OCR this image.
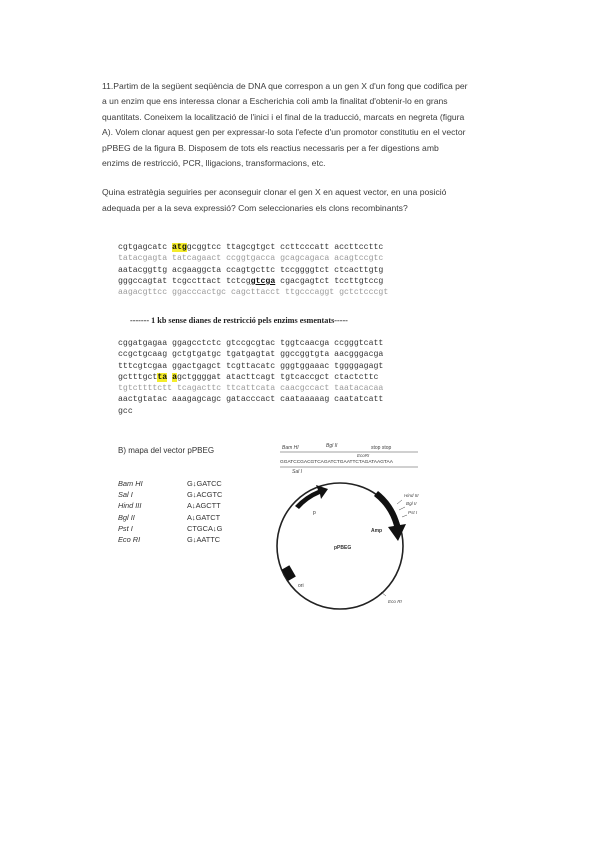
11.Partim de la següent seqüència de DNA que correspon a un gen X d'un fong que codifica per

a un enzim que ens interessa clonar a Escherichia coli amb la finalitat d'obtenir-lo en grans

quantitats. Coneixem la localització de l'inici i el final de la traducció, marcats en negreta (figura

A). Volem clonar aquest gen per expressar-lo sota l'efecte d'un promotor constitutiu en el vector

pPBEG de la figura B. Disposem de tots els reactius necessaris per a fer digestions amb

enzims de restricció, PCR, lligacions, transformacions, etc.

Quina estratègia seguiries per aconseguir clonar el gen X en aquest vector, en una posició

adequada per a la seva expressió? Com seleccionaries els clons recombinants?

cgtgagcatc atggcggtcc ttagcgtgct ccttcccatt accttccttc
tatacgagta tatcagaact ccggtgacca gcagcagaca acagtccgtc
aatacggttg acgaaggcta ccagtgcttc tccggggtct ctcacttgtg
gggccagtat tcgccttact tctcggtcga cgacgagtct tccttgtccg
aagacgttcc ggacccactgc cagcttacct ttgcccaggt gctctcccgt
------- 1 kb sense dianes de restricció pels enzims esmentats-----
cggatgagaa ggagcctctc gtccgcgtac tggtcaacga ccgggtcatt
ccgctgcaag gctgtgatgc tgatgagtat ggccggtgta aacgggacga
tttcgtcgaa ggactgagct tcgttacatc gggtggaaac tggggagagt
gctttgctta agctggggat atacttcagt tgtcaccgct ctactcttc
tgtcttttctt tcagacttc ttcattcata caacgccact taatacacaa
aactgtatac aaagagcagc gatacccact caataaaaag caatatcatt
gcc
B) mapa del vector pPBEG
Bam HI	G↓GATCC
Sal I	G↓ACGTC
Hind III	A↓AGCTT
Bgl II	A↓GATCT
Pst I	CTGCA↓G
Eco RI	G↓AATTC
Bam HI	Bgl II	stop stop
EcoRI
GGATCCGACGTCAGATCTGAATTCTAGATAAGTAA
Sal I
p
Amp
ori
pPBEG
Hind III
Bgl II
Pst I
Eco RI
